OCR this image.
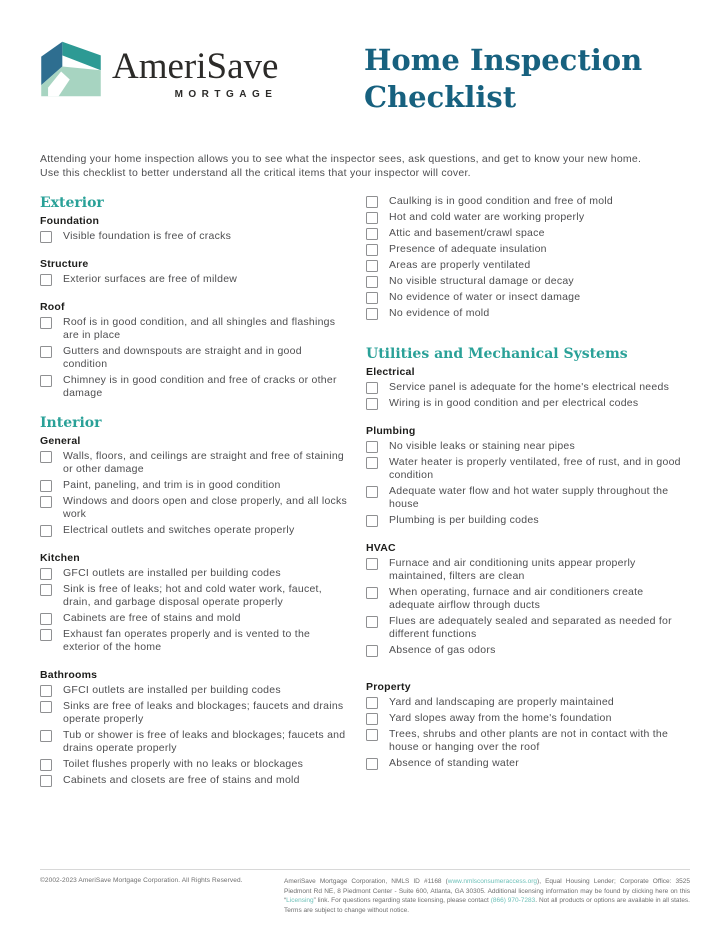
AmeriSave
MORTGAGE
Home Inspection
Checklist

Attending your home inspection allows you to see what the inspector sees, ask questions, and get to know your new home. Use this checklist to better understand all the critical items that your inspector will cover.

Exterior
Foundation
Visible foundation is free of cracks
Structure
Exterior surfaces are free of mildew
Roof
Roof is in good condition, and all shingles and flashings are in place
Gutters and downspouts are straight and in good condition
Chimney is in good condition and free of cracks or other damage
Interior
General
Walls, floors, and ceilings are straight and free of staining or other damage
Paint, paneling, and trim is in good condition
Windows and doors open and close properly, and all locks work
Electrical outlets and switches operate properly
Kitchen
GFCI outlets are installed per building codes
Sink is free of leaks; hot and cold water work, faucet, drain, and garbage disposal operate properly
Cabinets are free of stains and mold
Exhaust fan operates properly and is vented to the exterior of the home
Bathrooms
GFCI outlets are installed per building codes
Sinks are free of leaks and blockages; faucets and drains operate properly
Tub or shower is free of leaks and blockages; faucets and drains operate properly
Toilet flushes properly with no leaks or blockages
Cabinets and closets are free of stains and mold
Caulking is in good condition and free of mold
Hot and cold water are working properly
Attic and basement/crawl space
Presence of adequate insulation
Areas are properly ventilated
No visible structural damage or decay
No evidence of water or insect damage
No evidence of mold
Utilities and Mechanical Systems
Electrical
Service panel is adequate for the home's electrical needs
Wiring is in good condition and per electrical codes
Plumbing
No visible leaks or staining near pipes
Water heater is properly ventilated, free of rust, and in good condition
Adequate water flow and hot water supply throughout the house
Plumbing is per building codes
HVAC
Furnace and air conditioning units appear properly maintained, filters are clean
When operating, furnace and air conditioners create adequate airflow through ducts
Flues are adequately sealed and separated as needed for different functions
Absence of gas odors
Property
Yard and landscaping are properly maintained
Yard slopes away from the home's foundation
Trees, shrubs and other plants are not in contact with the house or hanging over the roof
Absence of standing water
©2002-2023 AmeriSave Mortgage Corporation. All Rights Reserved.	AmeriSave Mortgage Corporation, NMLS ID #1168 (www.nmlsconsumeraccess.org), Equal Housing Lender; Corporate Office: 3525 Piedmont Rd NE, 8 Piedmont Center - Suite 600, Atlanta, GA 30305. Additional licensing information may be found by clicking here on this “Licensing” link. For questions regarding state licensing, please contact (866) 970-7283. Not all products or options are available in all states. Terms are subject to change without notice.
